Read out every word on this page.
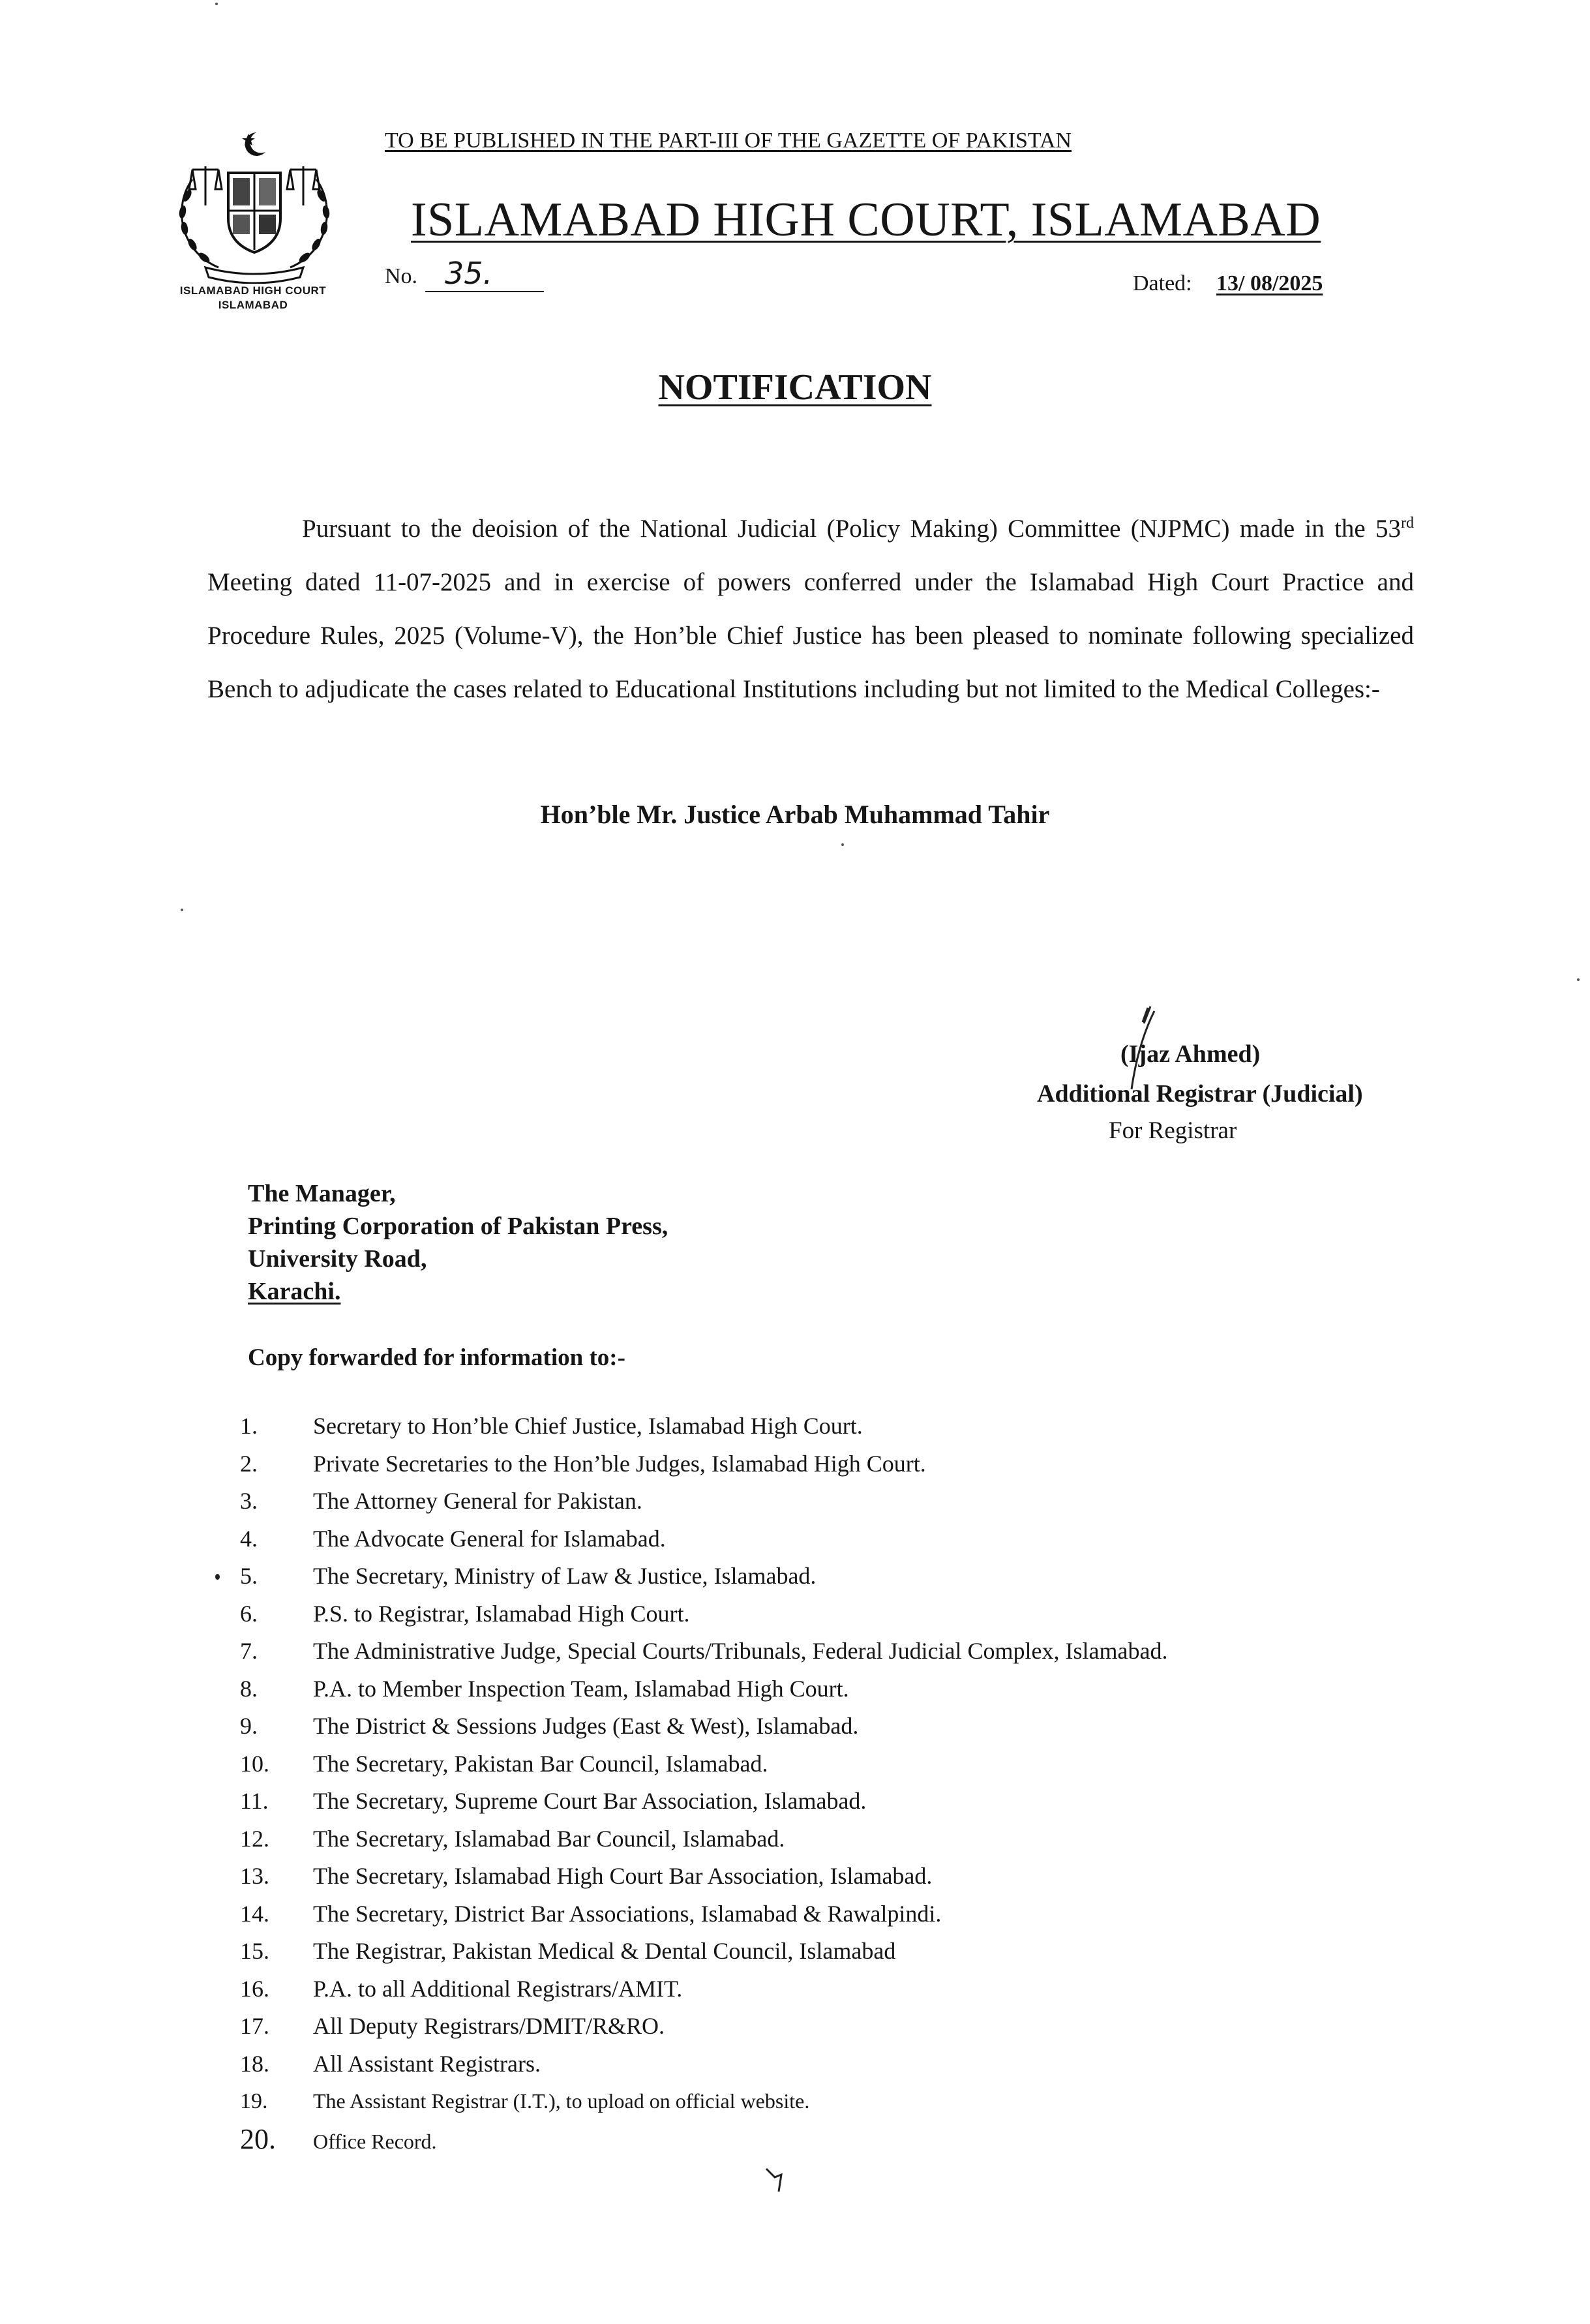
ISLAMABAD HIGH COURT
ISLAMABAD
TO BE PUBLISHED IN THE PART-III OF THE GAZETTE OF PAKISTAN
ISLAMABAD HIGH COURT, ISLAMABAD
No. 35.	Dated: 13/ 08/2025
NOTIFICATION

Pursuant to the deoision of the National Judicial (Policy Making) Committee (NJPMC) made in the 53rd Meeting dated 11-07-2025 and in exercise of powers conferred under the Islamabad High Court Practice and Procedure Rules, 2025 (Volume-V), the Hon’ble Chief Justice has been pleased to nominate following specialized Bench to adjudicate the cases related to Educational Institutions including but not limited to the Medical Colleges:-

Hon’ble Mr. Justice Arbab Muhammad Tahir
(Ijaz Ahmed)
Additional Registrar (Judicial)
For Registrar
The Manager,
Printing Corporation of Pakistan Press,
University Road,
Karachi.
Copy forwarded for information to:-
1. Secretary to Hon’ble Chief Justice, Islamabad High Court.
2. Private Secretaries to the Hon’ble Judges, Islamabad High Court.
3. The Attorney General for Pakistan.
4. The Advocate General for Islamabad.
5. The Secretary, Ministry of Law & Justice, Islamabad.
6. P.S. to Registrar, Islamabad High Court.
7. The Administrative Judge, Special Courts/Tribunals, Federal Judicial Complex, Islamabad.
8. P.A. to Member Inspection Team, Islamabad High Court.
9. The District & Sessions Judges (East & West), Islamabad.
10. The Secretary, Pakistan Bar Council, Islamabad.
11. The Secretary, Supreme Court Bar Association, Islamabad.
12. The Secretary, Islamabad Bar Council, Islamabad.
13. The Secretary, Islamabad High Court Bar Association, Islamabad.
14. The Secretary, District Bar Associations, Islamabad & Rawalpindi.
15. The Registrar, Pakistan Medical & Dental Council, Islamabad
16. P.A. to all Additional Registrars/AMIT.
17. All Deputy Registrars/DMIT/R&RO.
18. All Assistant Registrars.
19. The Assistant Registrar (I.T.), to upload on official website.
20. Office Record.
